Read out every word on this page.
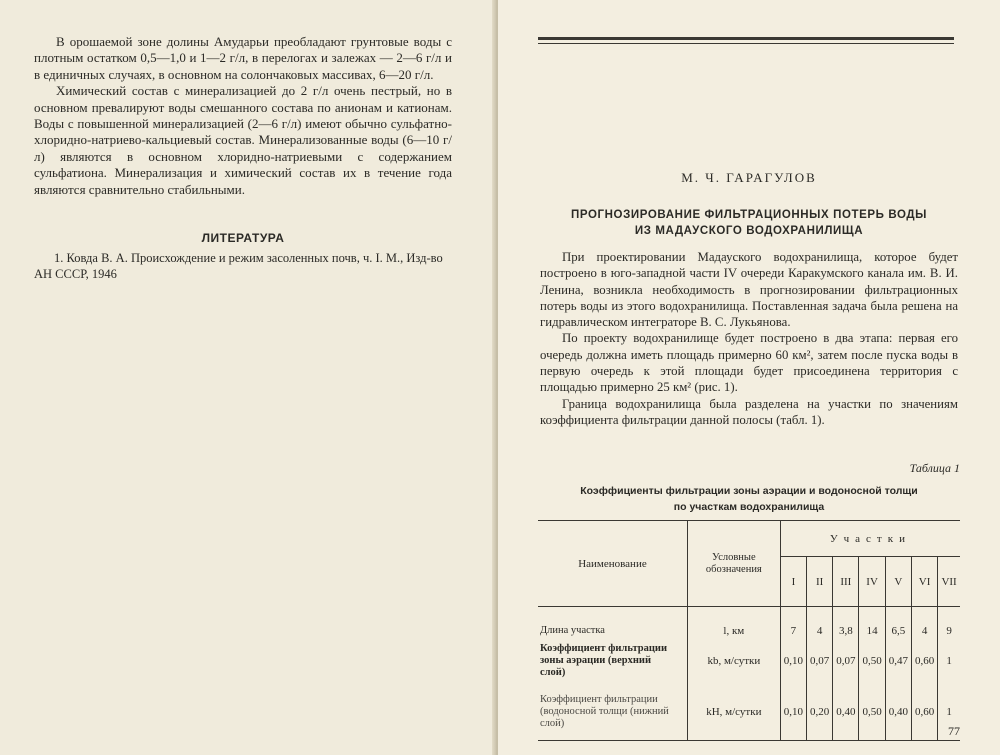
В орошаемой зоне долины Амударьи преобладают грунтовые воды с плотным остатком 0,5—1,0 и 1—2 г/л, в перелогах и залежах — 2—6 г/л и в единичных случаях, в основном на солончаковых массивах, 6—20 г/л.

Химический состав с минерализацией до 2 г/л очень пестрый, но в основном превалируют воды смешанного состава по анионам и катионам. Воды с повышенной минерализацией (2—6 г/л) имеют обычно сульфатно-хлоридно-натриево-кальциевый состав. Минерализованные воды (6—10 г/л) являются в основном хлоридно-натриевыми с содержанием сульфатиона. Минерализация и химический состав их в течение года являются сравнительно стабильными.

ЛИТЕРАТУРА
1. Ковда В. А. Происхождение и режим засоленных почв, ч. I. М., Изд-во АН СССР, 1946
М. Ч. ГАРАГУЛОВ
ПРОГНОЗИРОВАНИЕ ФИЛЬТРАЦИОННЫХ ПОТЕРЬ ВОДЫ
ИЗ МАДАУСКОГО ВОДОХРАНИЛИЩА

При проектировании Мадауского водохранилища, которое будет построено в юго-западной части IV очереди Каракумского канала им. В. И. Ленина, возникла необходимость в прогнозировании фильтрационных потерь воды из этого водохранилища. Поставленная задача была решена на гидравлическом интеграторе В. С. Лукьянова.

По проекту водохранилище будет построено в два этапа: первая его очередь должна иметь площадь примерно 60 км², затем после пуска воды в первую очередь к этой площади будет присоединена территория с площадью примерно 25 км² (рис. 1).

Граница водохранилища была разделена на участки по значениям коэффициента фильтрации данной полосы (табл. 1).

Таблица 1
Коэффициенты фильтрации зоны аэрации и водоносной толщи
по участкам водохранилища
Наименование	Условные обозначения	Участки						
		I	II	III	IV	V	VI	VII
Длина участка	l, км	7	4	3,8	14	6,5	4	9
Коэффициент фильтрации зоны аэрации (верхний слой)	kb, м/сутки	0,10	0,07	0,07	0,50	0,47	0,60	1
Коэффициент фильтрации (водоносной толщи (нижний слой)	kH, м/сутки	0,10	0,20	0,40	0,50	0,40	0,60	1
77
